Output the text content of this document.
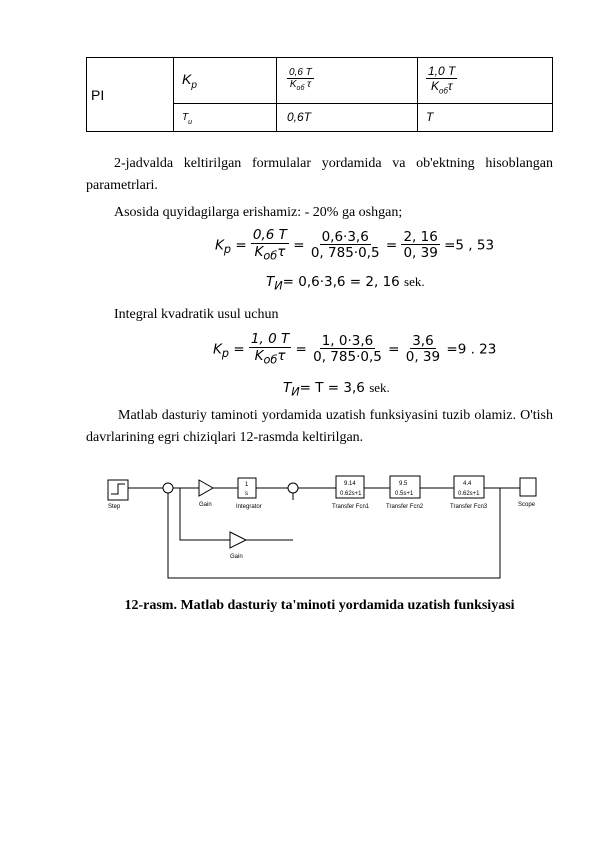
PI	$K_p$	$\frac{0,6 T}{K_{об} \tau}$	$\frac{1,0 T}{K_{об}\tau}$

	$T_и$	0,6T	T
2-jadvalda keltirilgan formulalar yordamida va ob'ektning hisoblangan
parametrlari.
Asosida quyidagilarga erishamiz: - 20% ga oshgan;
$K_p = \frac{0,6 T}{K_{об}\tau} = \frac{0,6\cdot 3,6}{0, 785\cdot 0,5} = \frac{2, 16}{0, 39} =5$ , 53
$T_И= 0,6\cdot 3,6 = 2$, 16 sek.
Integral kvadratik usul uchun
$K_p = \frac{1, 0 T}{K_{об}\tau} = \frac{1, 0\cdot 3,6}{0, 785\cdot 0,5} = \frac{3,6}{0, 39} =9$ . 23
$T_И= T = 3,6$ sek.
Matlab dasturiy taminoti yordamida uzatish funksiyasini tuzib olamiz. O'tish
davrlarining egri chiziqlari 12-rasmda keltirilgan.
Step	Gain	Integrator
1
s
9.14
0.62s+1
Transfer Fcn1
9.5
0.5s+1
Transfer Fcn2
4.4
0.62s+1
Transfer Fcn3	Scope
Gain
12-rasm. Matlab dasturiy ta'minoti yordamida uzatish funksiyasi
